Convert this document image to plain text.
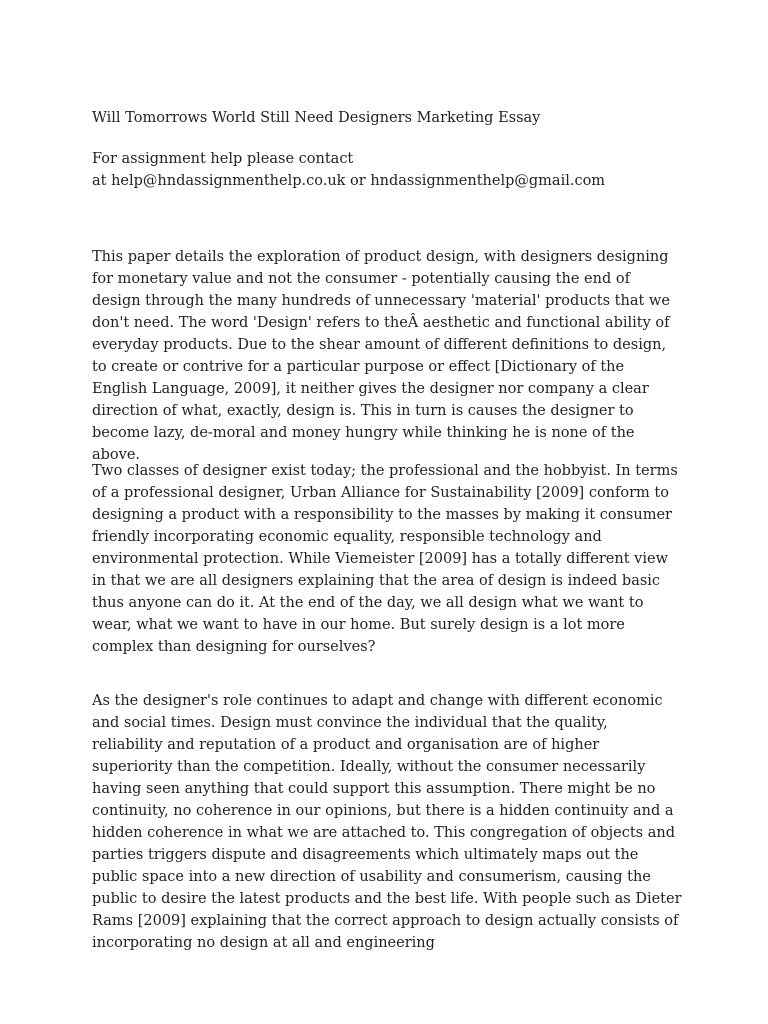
Will Tomorrows World Still Need Designers Marketing Essay

For assignment help please contact
at help@hndassignmenthelp.co.uk or hndassignmenthelp@gmail.com

This paper details the exploration of product design, with designers designing for monetary value and not the consumer - potentially causing the end of design through the many hundreds of unnecessary 'material' products that we don't need. The word 'Design' refers to theÂ aesthetic and functional ability of everyday products. Due to the shear amount of different definitions to design, to create or contrive for a particular purpose or effect [Dictionary of the English Language, 2009], it neither gives the designer nor company a clear direction of what, exactly, design is. This in turn is causes the designer to become lazy, de-moral and money hungry while thinking he is none of the above.

Two classes of designer exist today; the professional and the hobbyist. In terms of a professional designer, Urban Alliance for Sustainability [2009] conform to designing a product with a responsibility to the masses by making it consumer friendly incorporating economic equality, responsible technology and environmental protection. While Viemeister [2009] has a totally different view in that we are all designers explaining that the area of design is indeed basic thus anyone can do it. At the end of the day, we all design what we want to wear, what we want to have in our home. But surely design is a lot more complex than designing for ourselves?

As the designer's role continues to adapt and change with different economic and social times. Design must convince the individual that the quality, reliability and reputation of a product and organisation are of higher superiority than the competition. Ideally, without the consumer necessarily having seen anything that could support this assumption. There might be no continuity, no coherence in our opinions, but there is a hidden continuity and a hidden coherence in what we are attached to. This congregation of objects and parties triggers dispute and disagreements which ultimately maps out the public space into a new direction of usability and consumerism, causing the public to desire the latest products and the best life. With people such as Dieter Rams [2009] explaining that the correct approach to design actually consists of incorporating no design at all and engineering
